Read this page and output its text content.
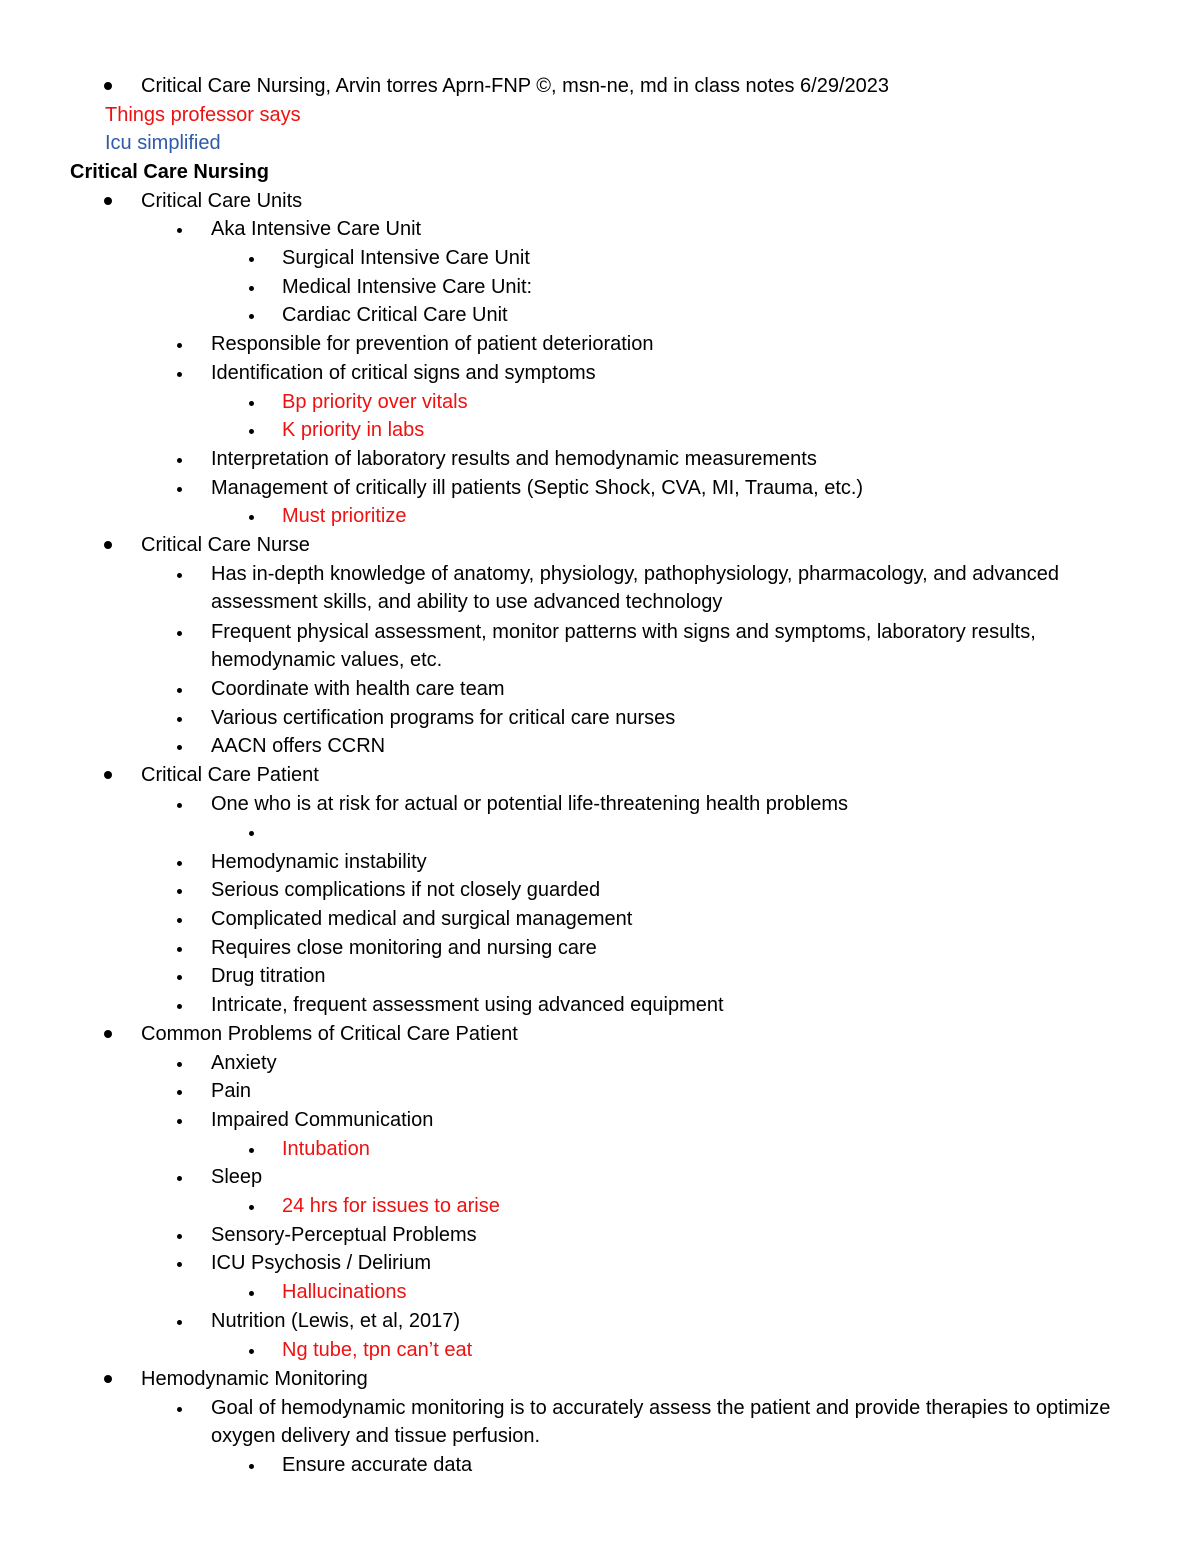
Critical Care Nursing, Arvin torres Aprn-FNP ©, msn-ne, md in class notes 6/29/2023
Things professor says
Icu simplified
Critical Care Nursing
Critical Care Units
Aka Intensive Care Unit
Surgical Intensive Care Unit
Medical Intensive Care Unit:
Cardiac Critical Care Unit
Responsible for prevention of patient deterioration
Identification of critical signs and symptoms
Bp priority over vitals
K priority in labs
Interpretation of laboratory results and hemodynamic measurements
Management of critically ill patients (Septic Shock, CVA, MI, Trauma, etc.)
Must prioritize
Critical Care Nurse
Has in-depth knowledge of anatomy, physiology, pathophysiology, pharmacology, and advanced assessment skills, and ability to use advanced technology
Frequent physical assessment, monitor patterns with signs and symptoms, laboratory results, hemodynamic values, etc.
Coordinate with health care team
Various certification programs for critical care nurses
AACN offers CCRN
Critical Care Patient
One who is at risk for actual or potential life-threatening health problems
Hemodynamic instability
Serious complications if not closely guarded
Complicated medical and surgical management
Requires close monitoring and nursing care
Drug titration
Intricate, frequent assessment using advanced equipment
Common Problems of Critical Care Patient
Anxiety
Pain
Impaired Communication
Intubation
Sleep
24 hrs for issues to arise
Sensory-Perceptual Problems
ICU Psychosis / Delirium
Hallucinations
Nutrition (Lewis, et al, 2017)
Ng tube, tpn can’t eat
Hemodynamic Monitoring
Goal of hemodynamic monitoring is to accurately assess the patient and provide therapies to optimize oxygen delivery and tissue perfusion.
Ensure accurate data
